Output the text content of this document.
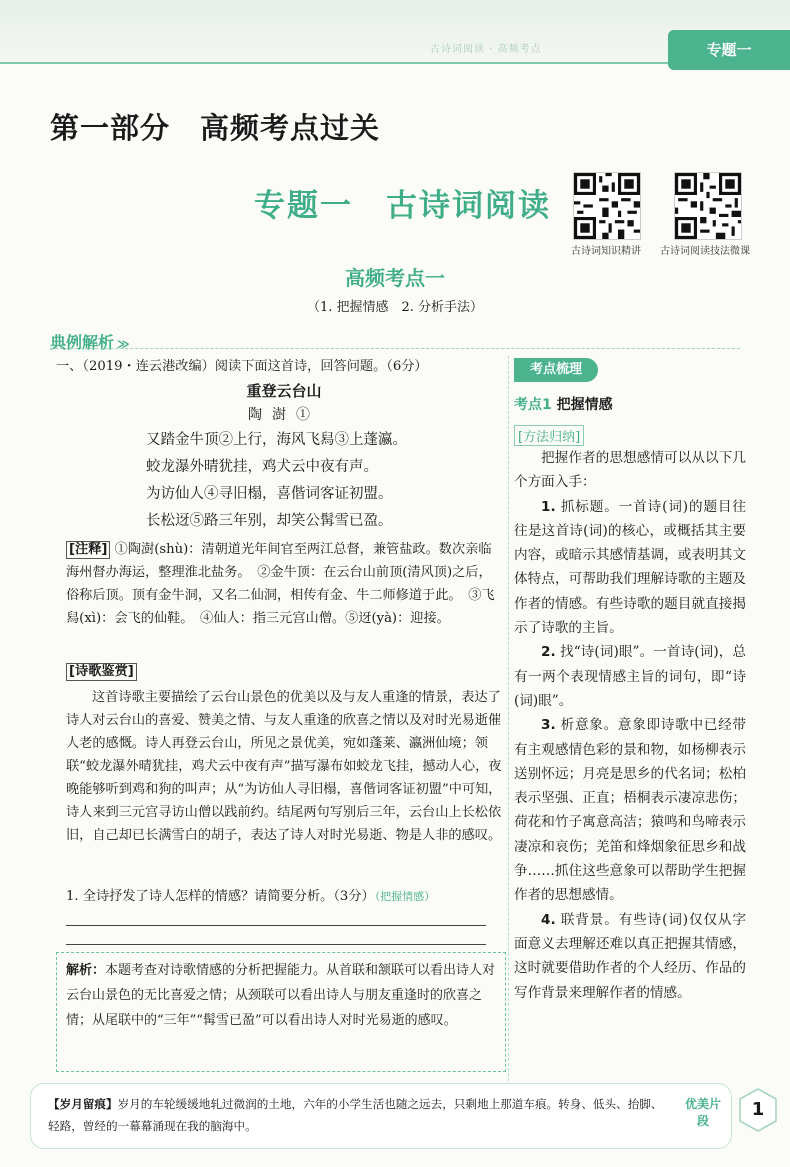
古诗词阅读 · 高频考点	专题一
第一部分　高频考点过关
专题一　古诗词阅读
古诗词知识精讲 古诗词阅读技法微课
高频考点一
（1. 把握情感　2. 分析手法）
典例解析 ≫
一、（2019・连云港改编）阅读下面这首诗，回答问题。（6分）
重登云台山
陶澍①
又踏金牛顶②上行，海风飞舄③上蓬瀛。
蛟龙瀑外晴犹挂，鸡犬云中夜有声。
为访仙人④寻旧榻，喜偕词客证初盟。
长松迓⑤路三年别，却笑公髯雪已盈。
[注释] ①陶澍(shù)：清朝道光年间官至两江总督，兼管盐政。数次亲临海州督办海运，整理淮北盐务。　②金牛顶：在云台山前顶(清风顶)之后，俗称后顶。顶有金牛洞，又名二仙洞，相传有金、牛二师修道于此。　③飞舄(xì)：会飞的仙鞋。　④仙人：指三元宫山僧。⑤迓(yà)：迎接。
[诗歌鉴赏]
这首诗歌主要描绘了云台山景色的优美以及与友人重逢的情景，表达了诗人对云台山的喜爱、赞美之情、与友人重逢的欣喜之情以及对时光易逝催人老的感慨。诗人再登云台山，所见之景优美，宛如蓬莱、瀛洲仙境；领联“蛟龙瀑外晴犹挂，鸡犬云中夜有声”描写瀑布如蛟龙飞挂，撼动人心，夜晚能够听到鸡和狗的叫声；从“为访仙人寻旧榻，喜偕词客证初盟”中可知，诗人来到三元宫寻访山僧以践前约。结尾两句写别后三年，云台山上长松依旧，自己却已长满雪白的胡子，表达了诗人对时光易逝、物是人非的感叹。
1. 全诗抒发了诗人怎样的情感？请简要分析。（3分）（把握情感）
解析：本题考查对诗歌情感的分析把握能力。从首联和颔联可以看出诗人对云台山景色的无比喜爱之情；从颈联可以看出诗人与朋友重逢时的欣喜之情；从尾联中的“三年”“髯雪已盈”可以看出诗人对时光易逝的感叹。
考点梳理
考点1 把握情感
[方法归纳]

把握作者的思想感情可以从以下几个方面入手：

1. 抓标题。一首诗(词)的题目往往是这首诗(词)的核心，或概括其主要内容，或暗示其感情基调，或表明其文体特点，可帮助我们理解诗歌的主题及作者的情感。有些诗歌的题目就直接揭示了诗歌的主旨。

2. 找“诗(词)眼”。一首诗(词)，总有一两个表现情感主旨的词句，即“诗(词)眼”。

3. 析意象。意象即诗歌中已经带有主观感情色彩的景和物，如杨柳表示送别怀远；月亮是思乡的代名词；松柏表示坚强、正直；梧桐表示凄凉悲伤；荷花和竹子寓意高洁；猿鸣和鸟啼表示凄凉和哀伤；羌笛和烽烟象征思乡和战争……抓住这些意象可以帮助学生把握作者的思想感情。

4. 联背景。有些诗(词)仅仅从字面意义去理解还难以真正把握其情感，这时就要借助作者的个人经历、作品的写作背景来理解作者的情感。

【岁月留痕】岁月的车轮缓缓地轧过微润的土地，六年的小学生活也随之远去，只剩地上那道车痕。转身、低头、抬脚、轻路，曾经的一幕幕涌现在我的脑海中。
优美片段
1
